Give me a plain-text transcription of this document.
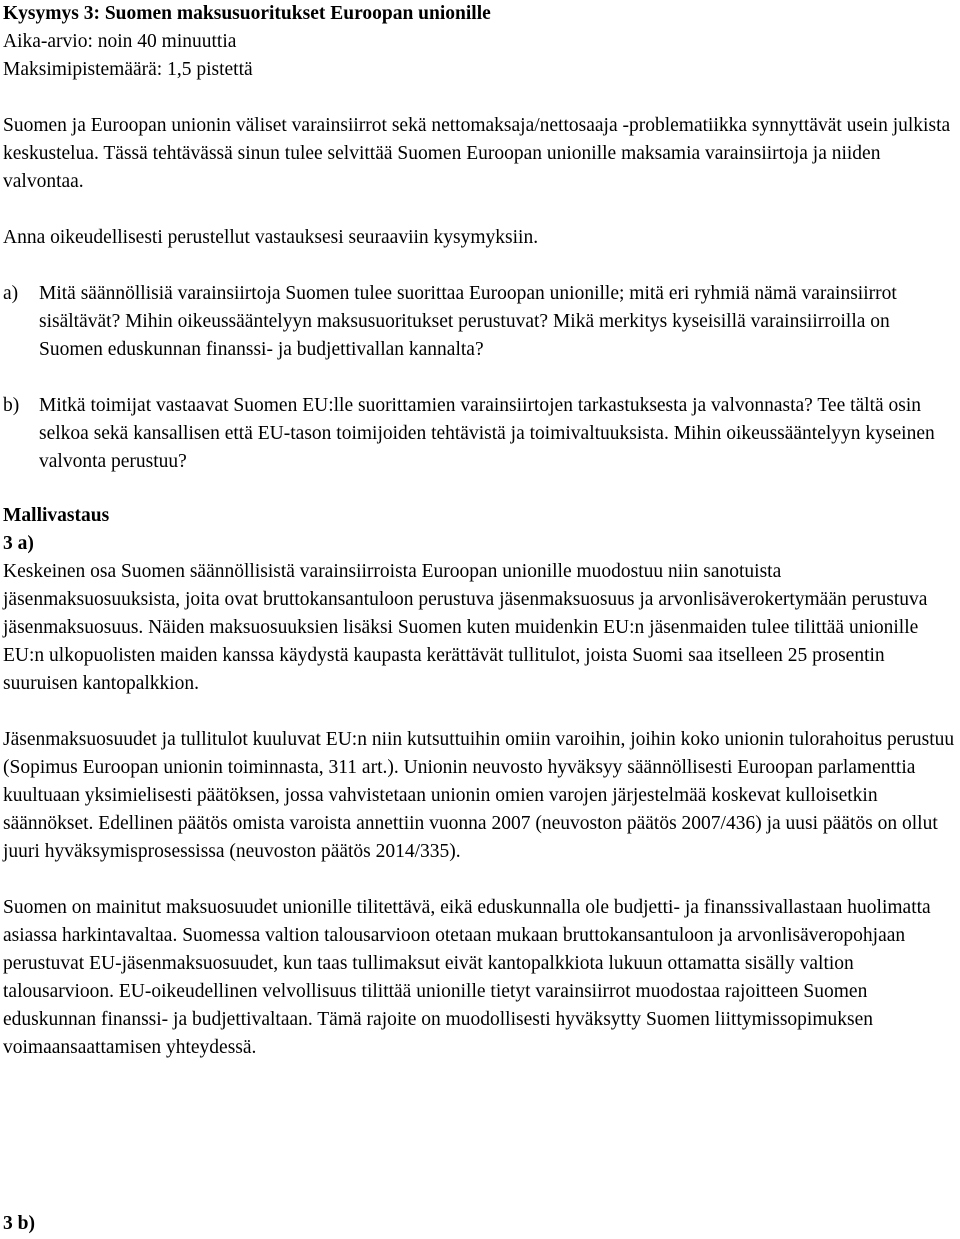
Kysymys 3: Suomen maksusuoritukset Euroopan unionille

Aika-arvio: noin 40 minuuttia

Maksimipistemäärä: 1,5 pistettä

Suomen ja Euroopan unionin väliset varainsiirrot sekä nettomaksaja/nettosaaja -problematiikka synnyttävät usein julkista keskustelua. Tässä tehtävässä sinun tulee selvittää Suomen Euroopan unionille maksamia varainsiirtoja ja niiden valvontaa.

Anna oikeudellisesti perustellut vastauksesi seuraaviin kysymyksiin.

a)	Mitä säännöllisiä varainsiirtoja Suomen tulee suorittaa Euroopan unionille; mitä eri ryhmiä nämä varainsiirrot sisältävät? Mihin oikeussääntelyyn maksusuoritukset perustuvat? Mikä merkitys kyseisillä varainsiirroilla on Suomen eduskunnan finanssi- ja budjettivallan kannalta?
b)	Mitkä toimijat vastaavat Suomen EU:lle suorittamien varainsiirtojen tarkastuksesta ja valvonnasta? Tee tältä osin selkoa sekä kansallisen että EU-tason toimijoiden tehtävistä ja toimivaltuuksista. Mihin oikeussääntelyyn kyseinen valvonta perustuu?

Mallivastaus

3 a)

Keskeinen osa Suomen säännöllisistä varainsiirroista Euroopan unionille muodostuu niin sanotuista jäsenmaksuosuuksista, joita ovat bruttokansantuloon perustuva jäsenmaksuosuus ja arvonlisäverokertymään perustuva jäsenmaksuosuus. Näiden maksuosuuksien lisäksi Suomen kuten muidenkin EU:n jäsenmaiden tulee tilittää unionille EU:n ulkopuolisten maiden kanssa käydystä kaupasta kerättävät tullitulot, joista Suomi saa itselleen 25 prosentin suuruisen kantopalkkion.

Jäsenmaksuosuudet ja tullitulot kuuluvat EU:n niin kutsuttuihin omiin varoihin, joihin koko unionin tulorahoitus perustuu (Sopimus Euroopan unionin toiminnasta, 311 art.). Unionin neuvosto hyväksyy säännöllisesti Euroopan parlamenttia kuultuaan yksimielisesti päätöksen, jossa vahvistetaan unionin omien varojen järjestelmää koskevat kulloisetkin säännökset. Edellinen päätös omista varoista annettiin vuonna 2007 (neuvoston päätös 2007/436) ja uusi päätös on ollut juuri hyväksymisprosessissa (neuvoston päätös 2014/335).

Suomen on mainitut maksuosuudet unionille tilitettävä, eikä eduskunnalla ole budjetti- ja finanssivallastaan huolimatta asiassa harkintavaltaa. Suomessa valtion talousarvioon otetaan mukaan bruttokansantuloon ja arvonlisäveropohjaan perustuvat EU-jäsenmaksuosuudet, kun taas tullimaksut eivät kantopalkkiota lukuun ottamatta sisälly valtion talousarvioon. EU-oikeudellinen velvollisuus tilittää unionille tietyt varainsiirrot muodostaa rajoitteen Suomen eduskunnan finanssi- ja budjettivaltaan. Tämä rajoite on muodollisesti hyväksytty Suomen liittymissopimuksen voimaansaattamisen yhteydessä.

3 b)
